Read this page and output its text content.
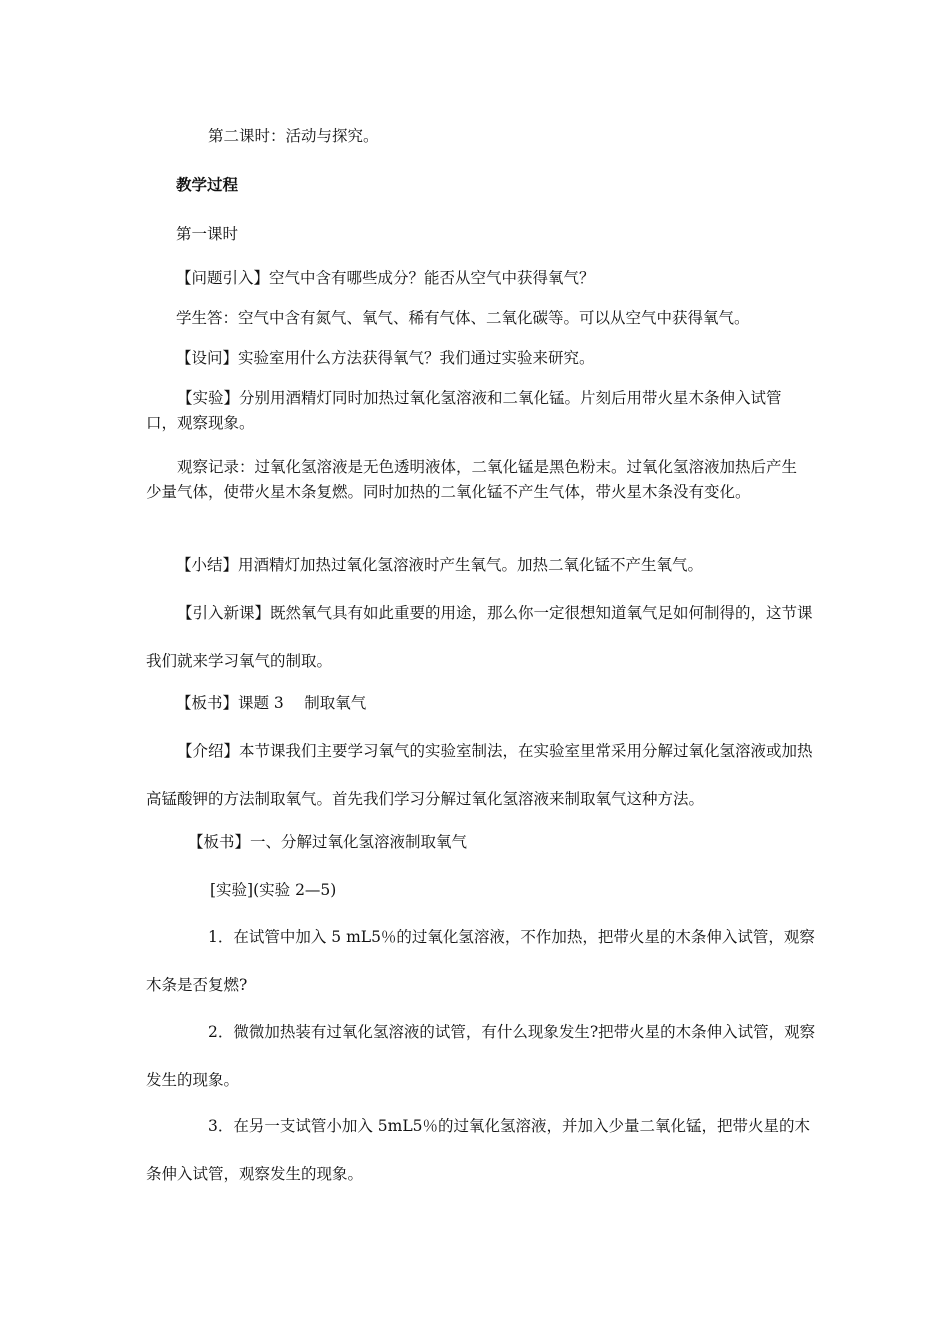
第二课时：活动与探究。

教学过程

第一课时

【问题引入】空气中含有哪些成分？能否从空气中获得氧气？

学生答：空气中含有氮气、氧气、稀有气体、二氧化碳等。可以从空气中获得氧气。

【设问】实验室用什么方法获得氧气？我们通过实验来研究。

【实验】分别用酒精灯同时加热过氧化氢溶液和二氧化锰。片刻后用带火星木条伸入试管口，观察现象。

观察记录：过氧化氢溶液是无色透明液体，二氧化锰是黑色粉末。过氧化氢溶液加热后产生少量气体，使带火星木条复燃。同时加热的二氧化锰不产生气体，带火星木条没有变化。

【小结】用酒精灯加热过氧化氢溶液时产生氧气。加热二氧化锰不产生氧气。

【引入新课】既然氧气具有如此重要的用途，那么你一定很想知道氧气足如何制得的，这节课我们就来学习氧气的制取。

【板书】课题 3　 制取氧气

【介绍】本节课我们主要学习氧气的实验室制法，在实验室里常采用分解过氧化氢溶液或加热高锰酸钾的方法制取氧气。首先我们学习分解过氧化氢溶液来制取氧气这种方法。

【板书】一、分解过氧化氢溶液制取氧气

[实验](实验 2—5)

1．在试管中加入 5 mL5％的过氧化氢溶液，不作加热，把带火星的木条伸入试管，观察木条是否复燃?

2．微微加热装有过氧化氢溶液的试管，有什么现象发生?把带火星的木条伸入试管，观察发生的现象。

3．在另一支试管小加入 5mL5％的过氧化氢溶液，并加入少量二氧化锰，把带火星的木条伸入试管，观察发生的现象。
